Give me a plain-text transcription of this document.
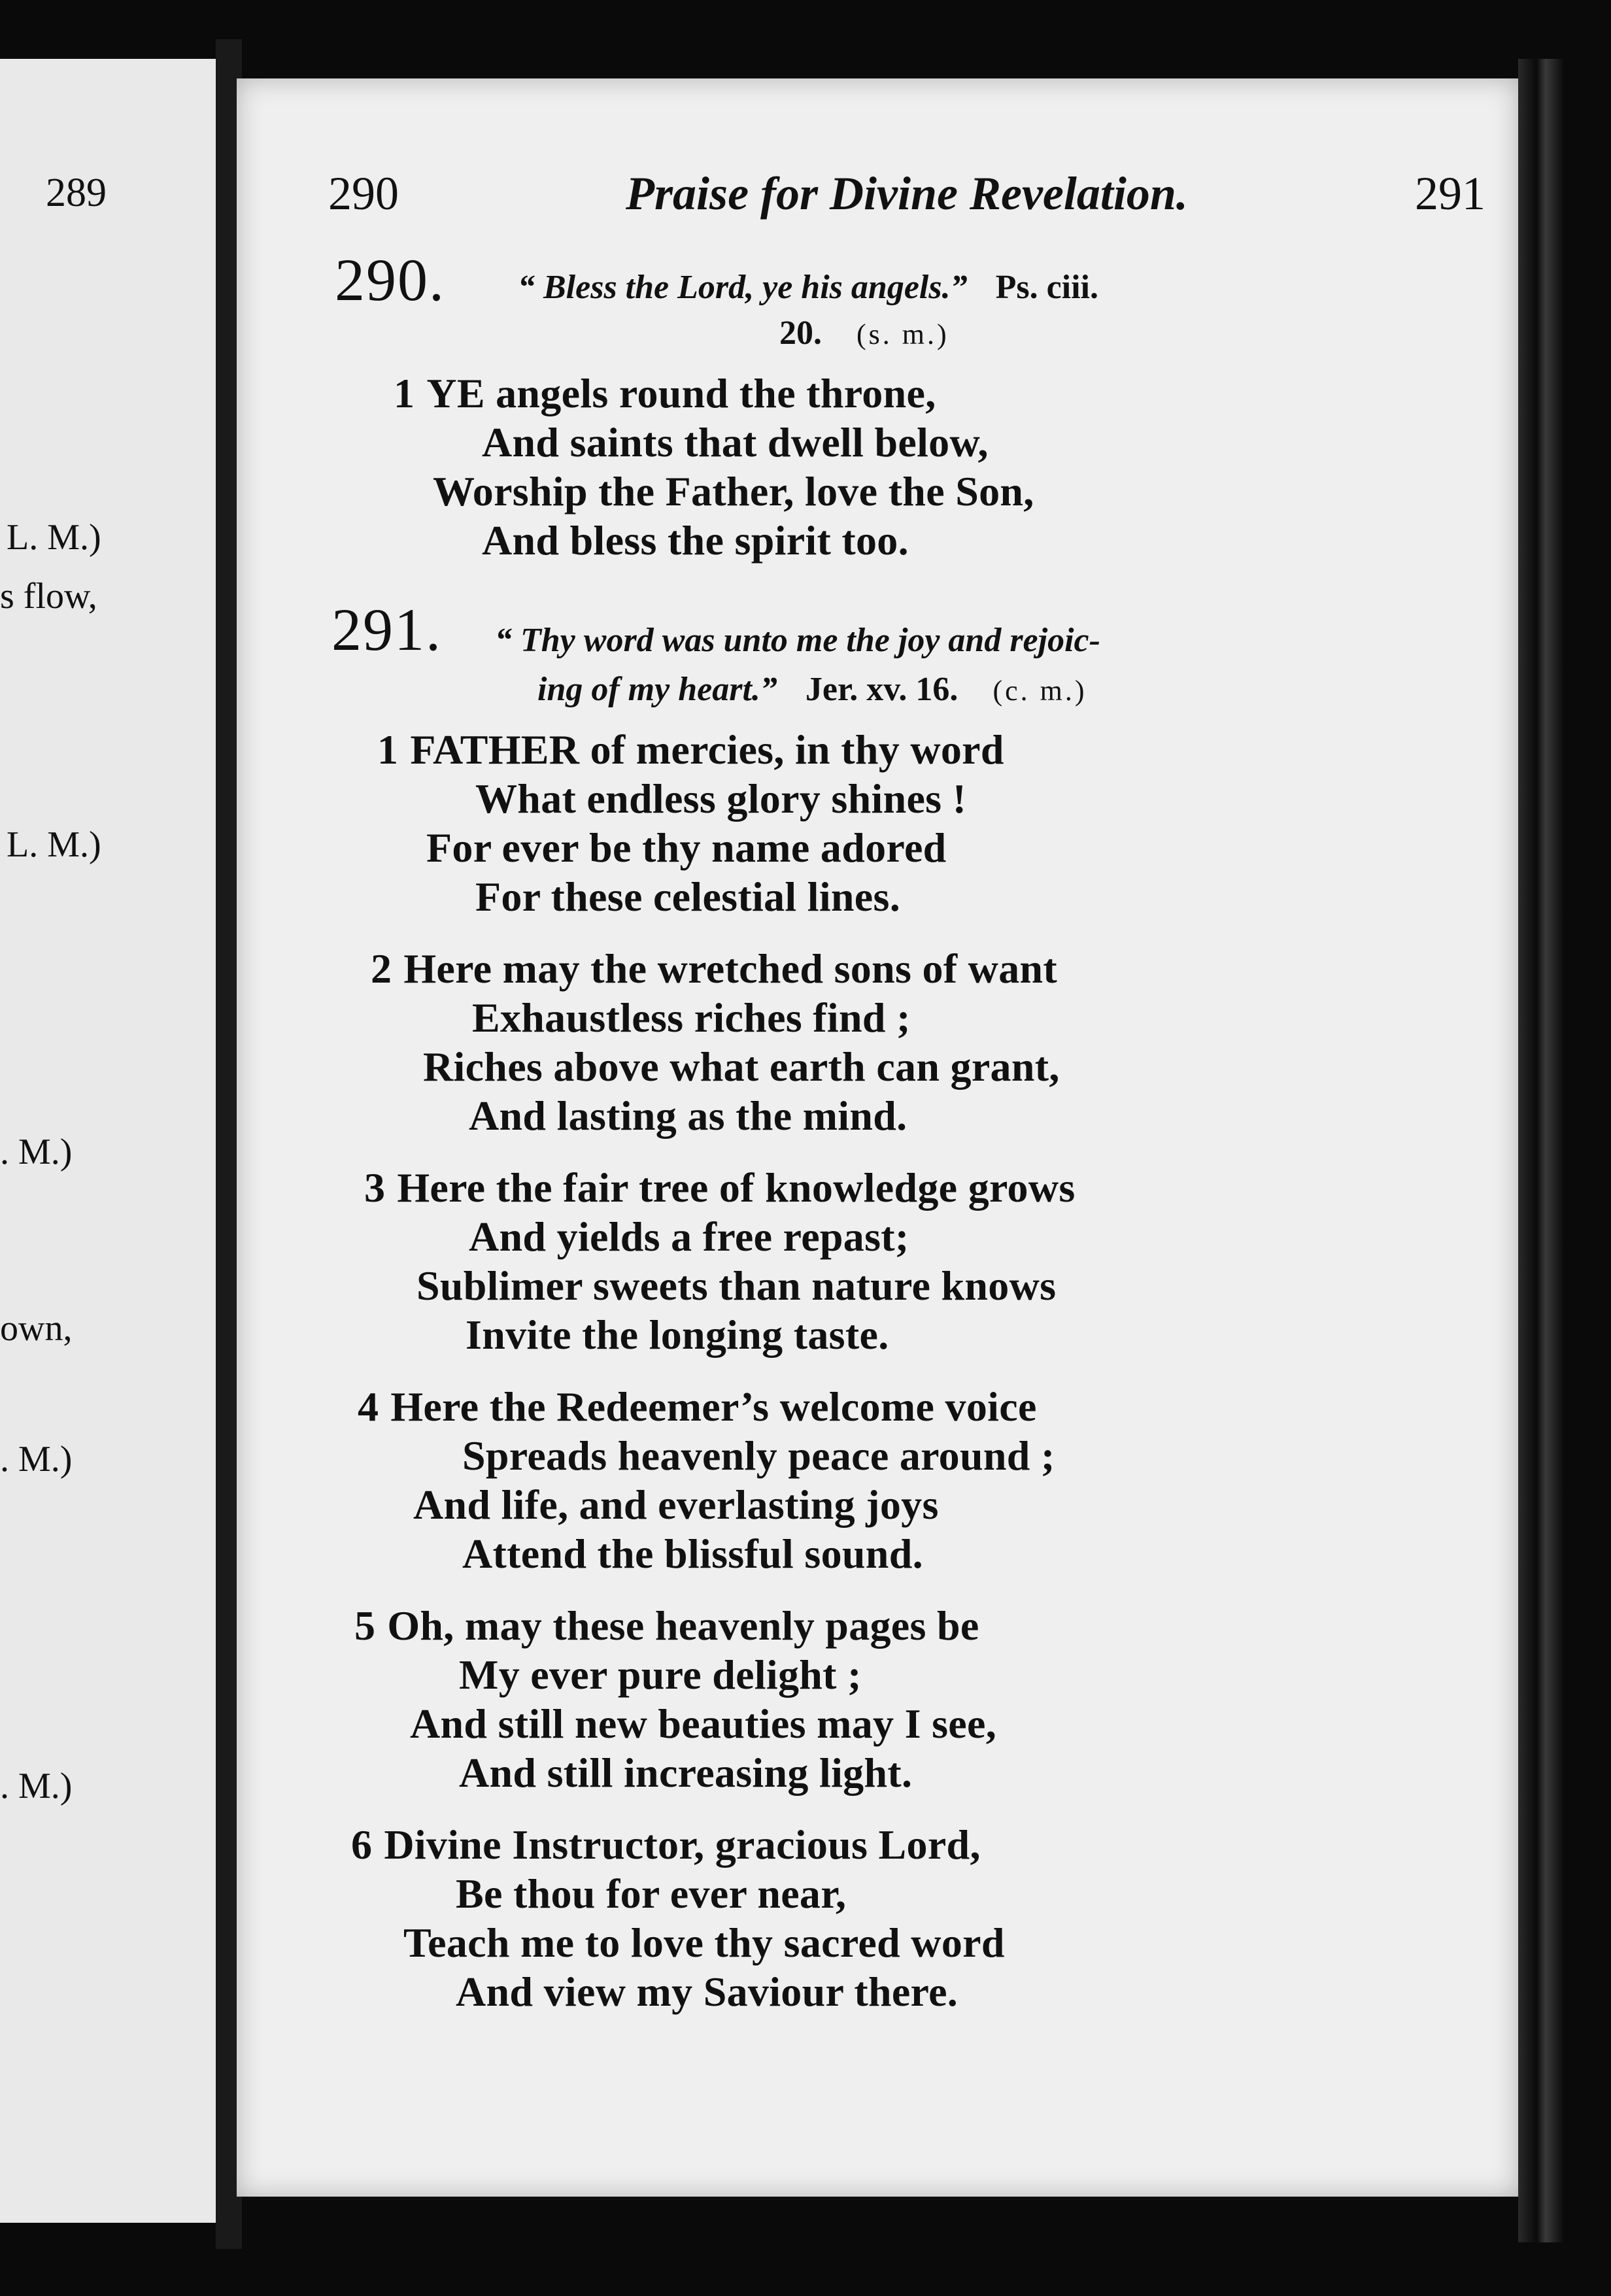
289
L. M.)
s flow,
L. M.)
. M.)
own,
. M.)
. M.)
290	Praise for Divine Revelation.	291
290. “ Bless the Lord, ye his angels.” Ps. ciii.
20. (s. m.)
1 YE angels round the throne,
And saints that dwell below,
Worship the Father, love the Son,
And bless the spirit too.
291. “ Thy word was unto me the joy and rejoic-
ing of my heart.” Jer. xv. 16. (c. m.)
1 FATHER of mercies, in thy word
What endless glory shines !
For ever be thy name adored
For these celestial lines.
2 Here may the wretched sons of want
Exhaustless riches find ;
Riches above what earth can grant,
And lasting as the mind.
3 Here the fair tree of knowledge grows
And yields a free repast;
Sublimer sweets than nature knows
Invite the longing taste.
4 Here the Redeemer’s welcome voice
Spreads heavenly peace around ;
And life, and everlasting joys
Attend the blissful sound.
5 Oh, may these heavenly pages be
My ever pure delight ;
And still new beauties may I see,
And still increasing light.
6 Divine Instructor, gracious Lord,
Be thou for ever near,
Teach me to love thy sacred word
And view my Saviour there.
